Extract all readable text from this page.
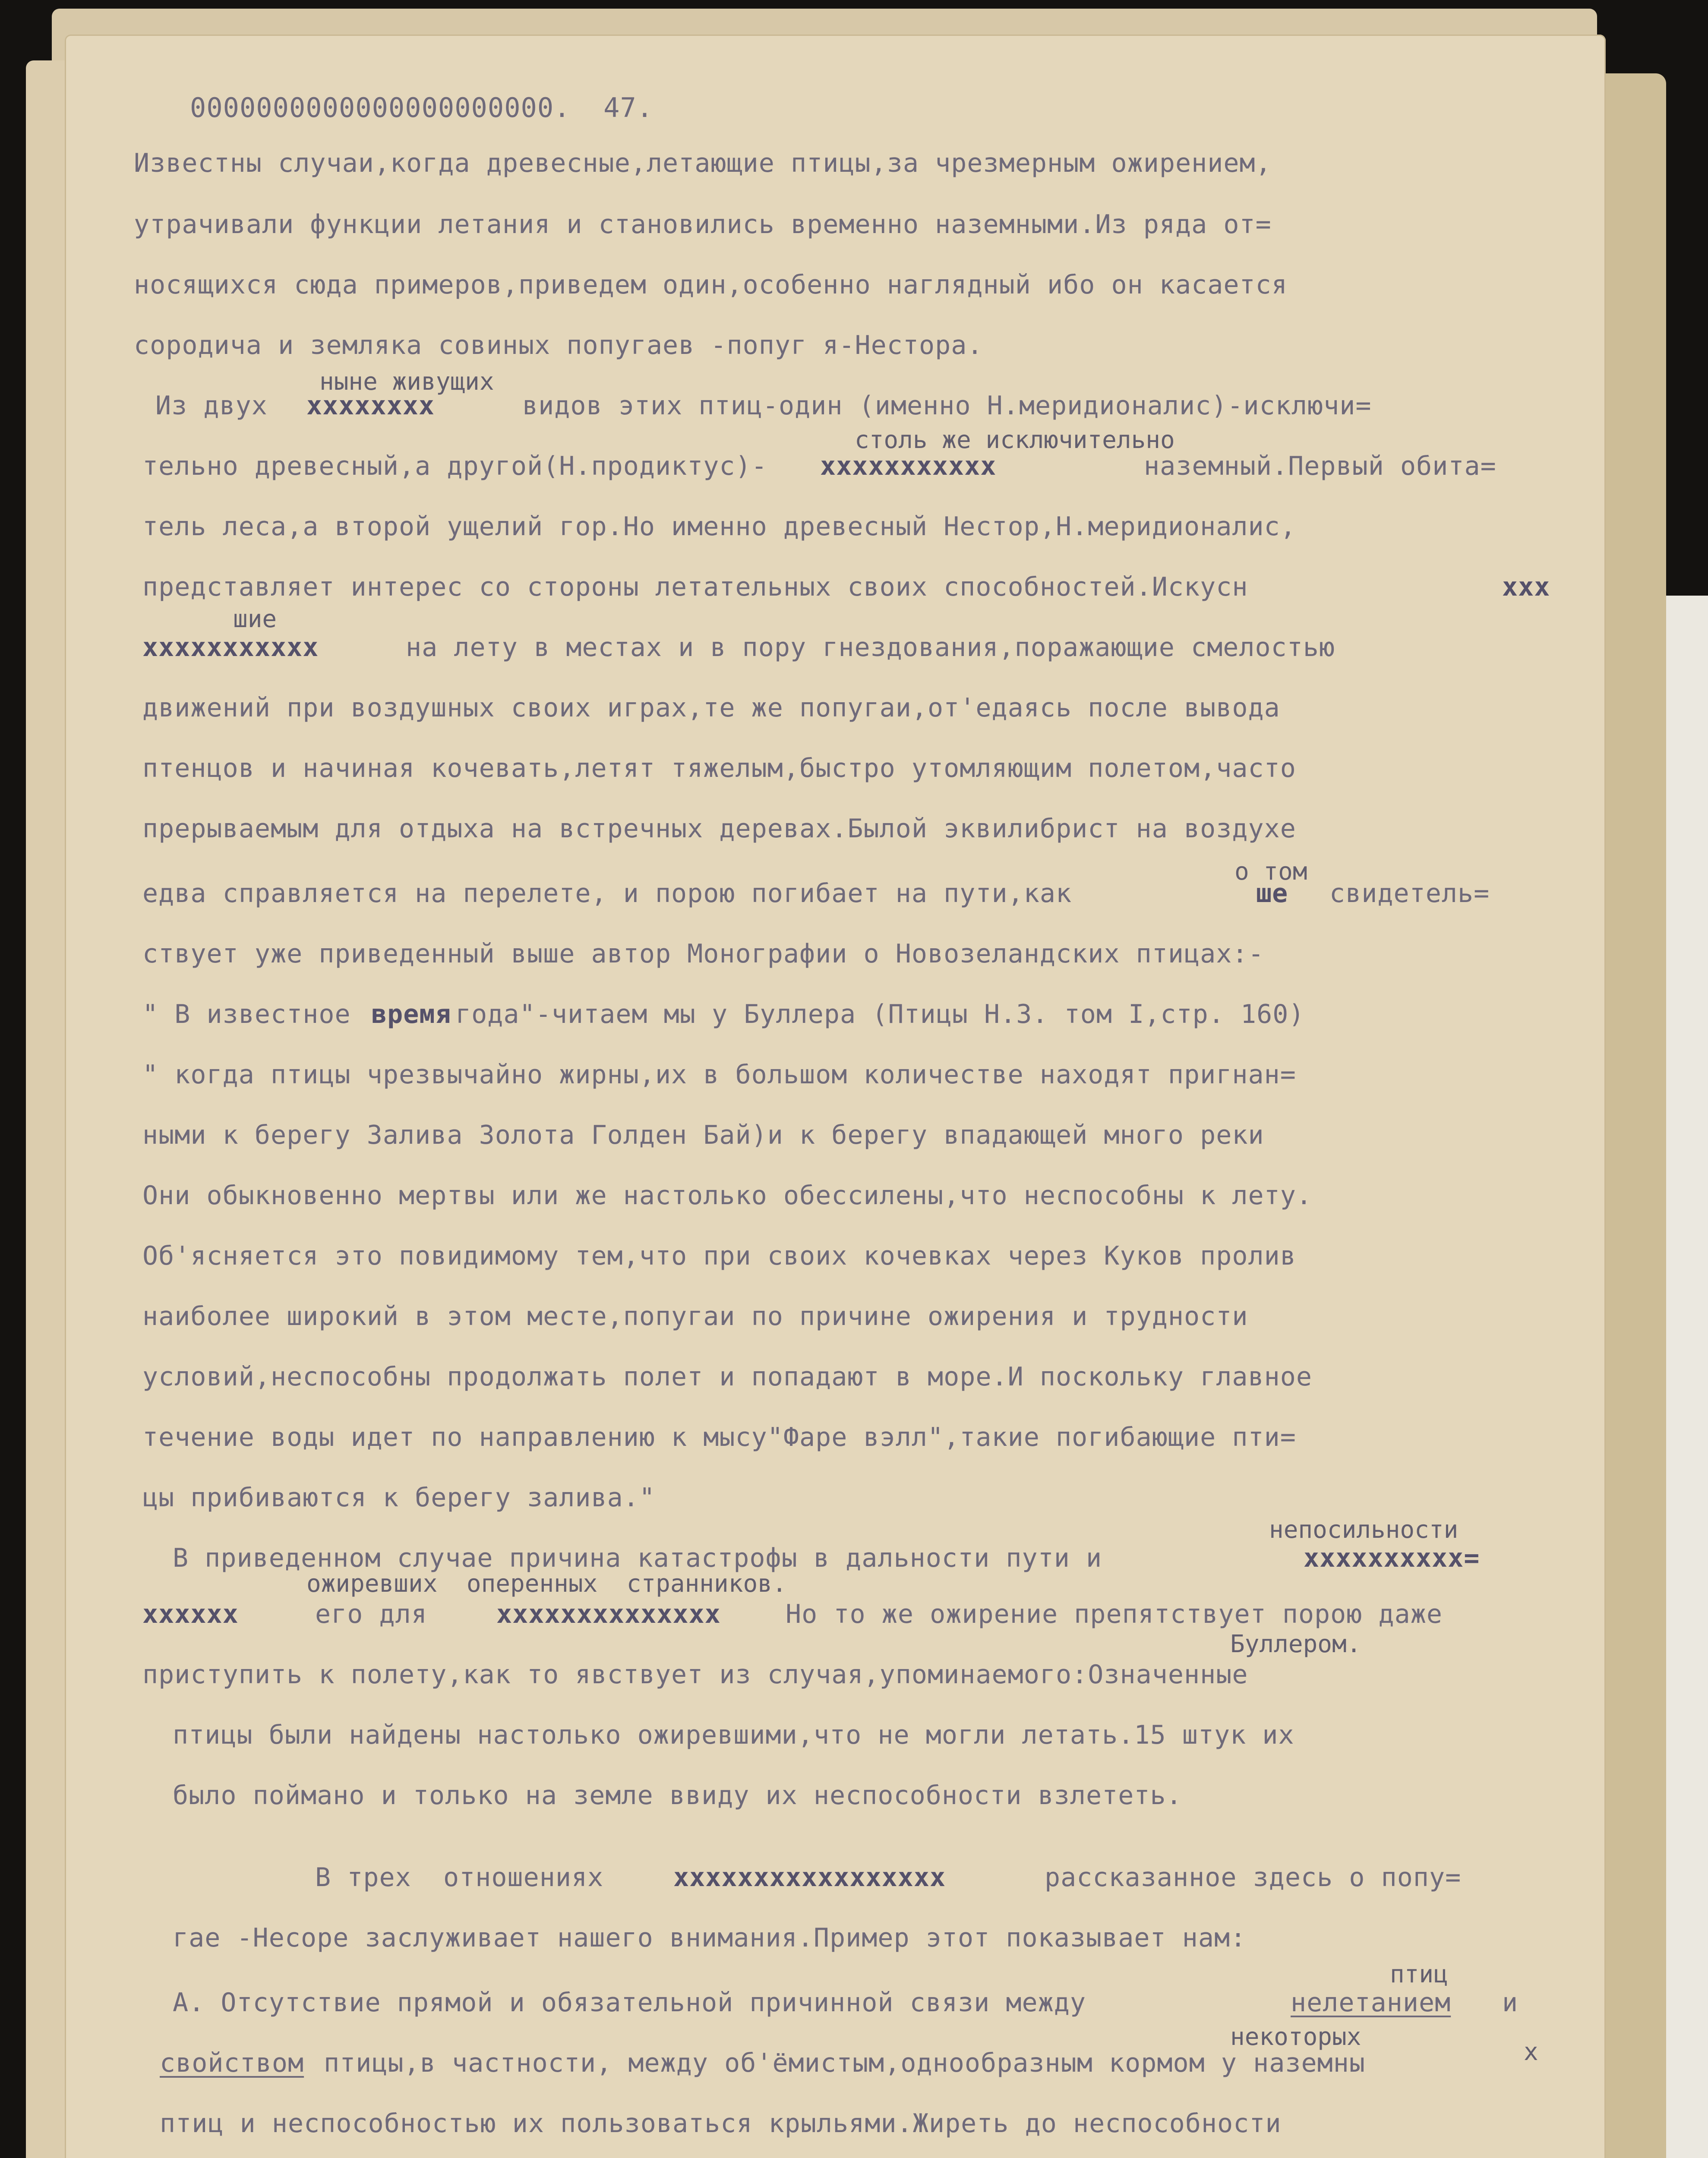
0000000000000000000000.  47.
Известны случаи,когда древесные,летающие птицы,за чрезмерным ожирением,
утрачивали функции летания и становились временно наземными.Из ряда от=
носящихся сюда примеров,приведем один,особенно наглядный ибо он касается
сородича и земляка совиных попугаев -попуг я-Нестора.
ныне живущих
Из двух хххххххх	видов этих птиц-один (именно Н.меридионалис)-исключи=
столь же исключительно
тельно древесный,а другой(Н.продиктус)- ххххххххххх	наземный.Первый обита=
тель леса,а второй ущелий гор.Но именно древесный Нестор,Н.меридионалис,
представляет интерес со стороны летательных своих способностей.Искусн	ххх
шие
ххххххххххх	на лету в местах и в пору гнездования,поражающие смелостью
движений при воздушных своих играх,те же попугаи,от'едаясь после вывода
птенцов и начиная кочевать,летят тяжелым,быстро утомляющим полетом,часто
прерываемым для отдыха на встречных деревах.Былой эквилибрист на воздухе
о том
едва справляется на перелете, и порою погибает на пути,как	ше свидетель=
ствует уже приведенный выше автор Монографии о Новозеландских птицах:-
" В известное время года"-читаем мы у Буллера (Птицы Н.З. том I,стр. 160)
" когда птицы чрезвычайно жирны,их в большом количестве находят пригнан=
ными к берегу Залива Золота Голден Бай)и к берегу впадающей много реки
Они обыкновенно мертвы или же настолько обессилены,что неспособны к лету.
Об'ясняется это повидимому тем,что при своих кочевках через Куков пролив
наиболее широкий в этом месте,попугаи по причине ожирения и трудности
условий,неспособны продолжать полет и попадают в море.И поскольку главное
течение воды идет по направлению к мысу"Фаре вэлл",такие погибающие пти=
цы прибиваются к берегу залива."
непосильности
В приведенном случае причина катастрофы в дальности пути и	хххххххххх=
ожиревших  оперенных  странников.
хххххх	его для	хххххххххххххх	Но то же ожирение препятствует порою даже
Буллером.
приступить к полету,как то явствует из случая,упоминаемого:Означенные
птицы были найдены настолько ожиревшими,что не могли летать.15 штук их
было поймано и только на земле ввиду их неспособности взлететь.
В трех  отношениях	ххххххххххххххххх	рассказанное здесь о попу=
гае -Несоре заслуживает нашего внимания.Пример этот показывает нам:
птиц
А. Отсутствие прямой и обязательной причинной связи между	нелетанием и
некоторых
х
свойством птицы,в частности, между об'ёмистым,однообразным кормом у наземны
птиц и неспособностью их пользоваться крыльями.Жиреть до неспособности
